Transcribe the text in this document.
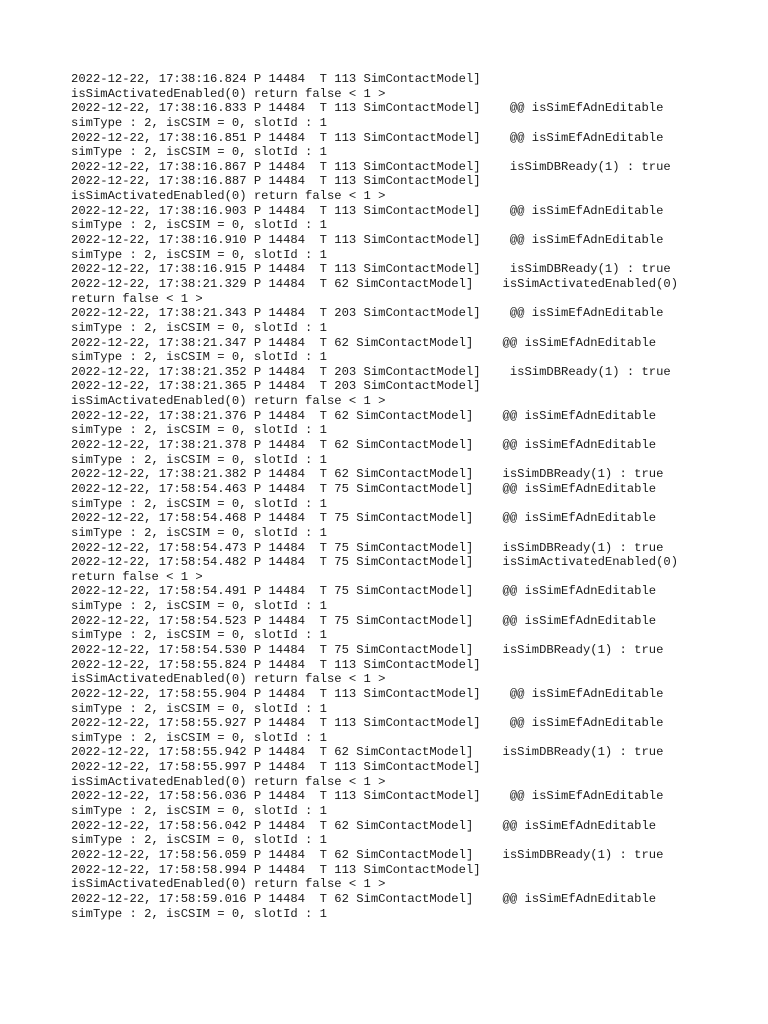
2022-12-22, 17:38:16.824 P 14484  T 113 SimContactModel]
isSimActivatedEnabled(0) return false < 1 >
2022-12-22, 17:38:16.833 P 14484  T 113 SimContactModel]    @@ isSimEfAdnEditable
simType : 2, isCSIM = 0, slotId : 1
2022-12-22, 17:38:16.851 P 14484  T 113 SimContactModel]    @@ isSimEfAdnEditable
simType : 2, isCSIM = 0, slotId : 1
2022-12-22, 17:38:16.867 P 14484  T 113 SimContactModel]    isSimDBReady(1) : true
2022-12-22, 17:38:16.887 P 14484  T 113 SimContactModel]
isSimActivatedEnabled(0) return false < 1 >
2022-12-22, 17:38:16.903 P 14484  T 113 SimContactModel]    @@ isSimEfAdnEditable
simType : 2, isCSIM = 0, slotId : 1
2022-12-22, 17:38:16.910 P 14484  T 113 SimContactModel]    @@ isSimEfAdnEditable
simType : 2, isCSIM = 0, slotId : 1
2022-12-22, 17:38:16.915 P 14484  T 113 SimContactModel]    isSimDBReady(1) : true
2022-12-22, 17:38:21.329 P 14484  T 62 SimContactModel]    isSimActivatedEnabled(0)
return false < 1 >
2022-12-22, 17:38:21.343 P 14484  T 203 SimContactModel]    @@ isSimEfAdnEditable
simType : 2, isCSIM = 0, slotId : 1
2022-12-22, 17:38:21.347 P 14484  T 62 SimContactModel]    @@ isSimEfAdnEditable
simType : 2, isCSIM = 0, slotId : 1
2022-12-22, 17:38:21.352 P 14484  T 203 SimContactModel]    isSimDBReady(1) : true
2022-12-22, 17:38:21.365 P 14484  T 203 SimContactModel]
isSimActivatedEnabled(0) return false < 1 >
2022-12-22, 17:38:21.376 P 14484  T 62 SimContactModel]    @@ isSimEfAdnEditable
simType : 2, isCSIM = 0, slotId : 1
2022-12-22, 17:38:21.378 P 14484  T 62 SimContactModel]    @@ isSimEfAdnEditable
simType : 2, isCSIM = 0, slotId : 1
2022-12-22, 17:38:21.382 P 14484  T 62 SimContactModel]    isSimDBReady(1) : true
2022-12-22, 17:58:54.463 P 14484  T 75 SimContactModel]    @@ isSimEfAdnEditable
simType : 2, isCSIM = 0, slotId : 1
2022-12-22, 17:58:54.468 P 14484  T 75 SimContactModel]    @@ isSimEfAdnEditable
simType : 2, isCSIM = 0, slotId : 1
2022-12-22, 17:58:54.473 P 14484  T 75 SimContactModel]    isSimDBReady(1) : true
2022-12-22, 17:58:54.482 P 14484  T 75 SimContactModel]    isSimActivatedEnabled(0)
return false < 1 >
2022-12-22, 17:58:54.491 P 14484  T 75 SimContactModel]    @@ isSimEfAdnEditable
simType : 2, isCSIM = 0, slotId : 1
2022-12-22, 17:58:54.523 P 14484  T 75 SimContactModel]    @@ isSimEfAdnEditable
simType : 2, isCSIM = 0, slotId : 1
2022-12-22, 17:58:54.530 P 14484  T 75 SimContactModel]    isSimDBReady(1) : true
2022-12-22, 17:58:55.824 P 14484  T 113 SimContactModel]
isSimActivatedEnabled(0) return false < 1 >
2022-12-22, 17:58:55.904 P 14484  T 113 SimContactModel]    @@ isSimEfAdnEditable
simType : 2, isCSIM = 0, slotId : 1
2022-12-22, 17:58:55.927 P 14484  T 113 SimContactModel]    @@ isSimEfAdnEditable
simType : 2, isCSIM = 0, slotId : 1
2022-12-22, 17:58:55.942 P 14484  T 62 SimContactModel]    isSimDBReady(1) : true
2022-12-22, 17:58:55.997 P 14484  T 113 SimContactModel]
isSimActivatedEnabled(0) return false < 1 >
2022-12-22, 17:58:56.036 P 14484  T 113 SimContactModel]    @@ isSimEfAdnEditable
simType : 2, isCSIM = 0, slotId : 1
2022-12-22, 17:58:56.042 P 14484  T 62 SimContactModel]    @@ isSimEfAdnEditable
simType : 2, isCSIM = 0, slotId : 1
2022-12-22, 17:58:56.059 P 14484  T 62 SimContactModel]    isSimDBReady(1) : true
2022-12-22, 17:58:58.994 P 14484  T 113 SimContactModel]
isSimActivatedEnabled(0) return false < 1 >
2022-12-22, 17:58:59.016 P 14484  T 62 SimContactModel]    @@ isSimEfAdnEditable
simType : 2, isCSIM = 0, slotId : 1
